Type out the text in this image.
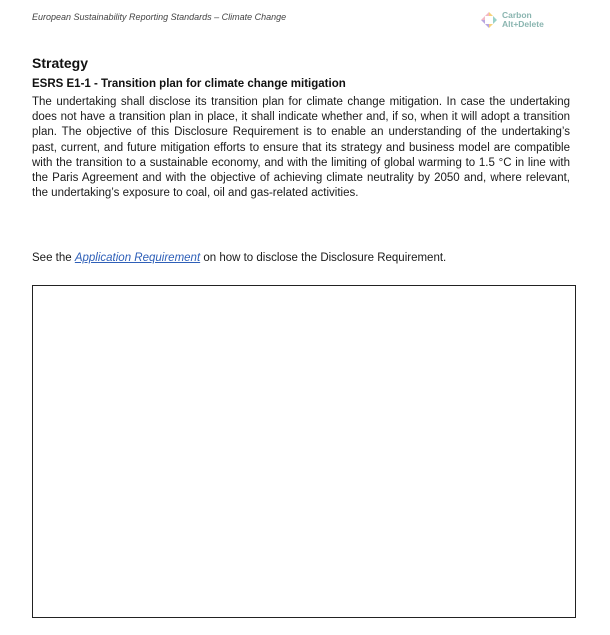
European Sustainability Reporting Standards – Climate Change	Carbon
Alt+Delete
Strategy
ESRS E1-1 - Transition plan for climate change mitigation
The undertaking shall disclose its transition plan for climate change mitigation. In case the undertaking does not have a transition plan in place, it shall indicate whether and, if so, when it will adopt a transition plan. The objective of this Disclosure Requirement is to enable an understanding of the undertaking’s past, current, and future mitigation efforts to ensure that its strategy and business model are compatible with the transition to a sustainable economy, and with the limiting of global warming to 1.5 °C in line with the Paris Agreement and with the objective of achieving climate neutrality by 2050 and, where relevant, the undertaking’s exposure to coal, oil and gas-related activities.
See the Application Requirement on how to disclose the Disclosure Requirement.
